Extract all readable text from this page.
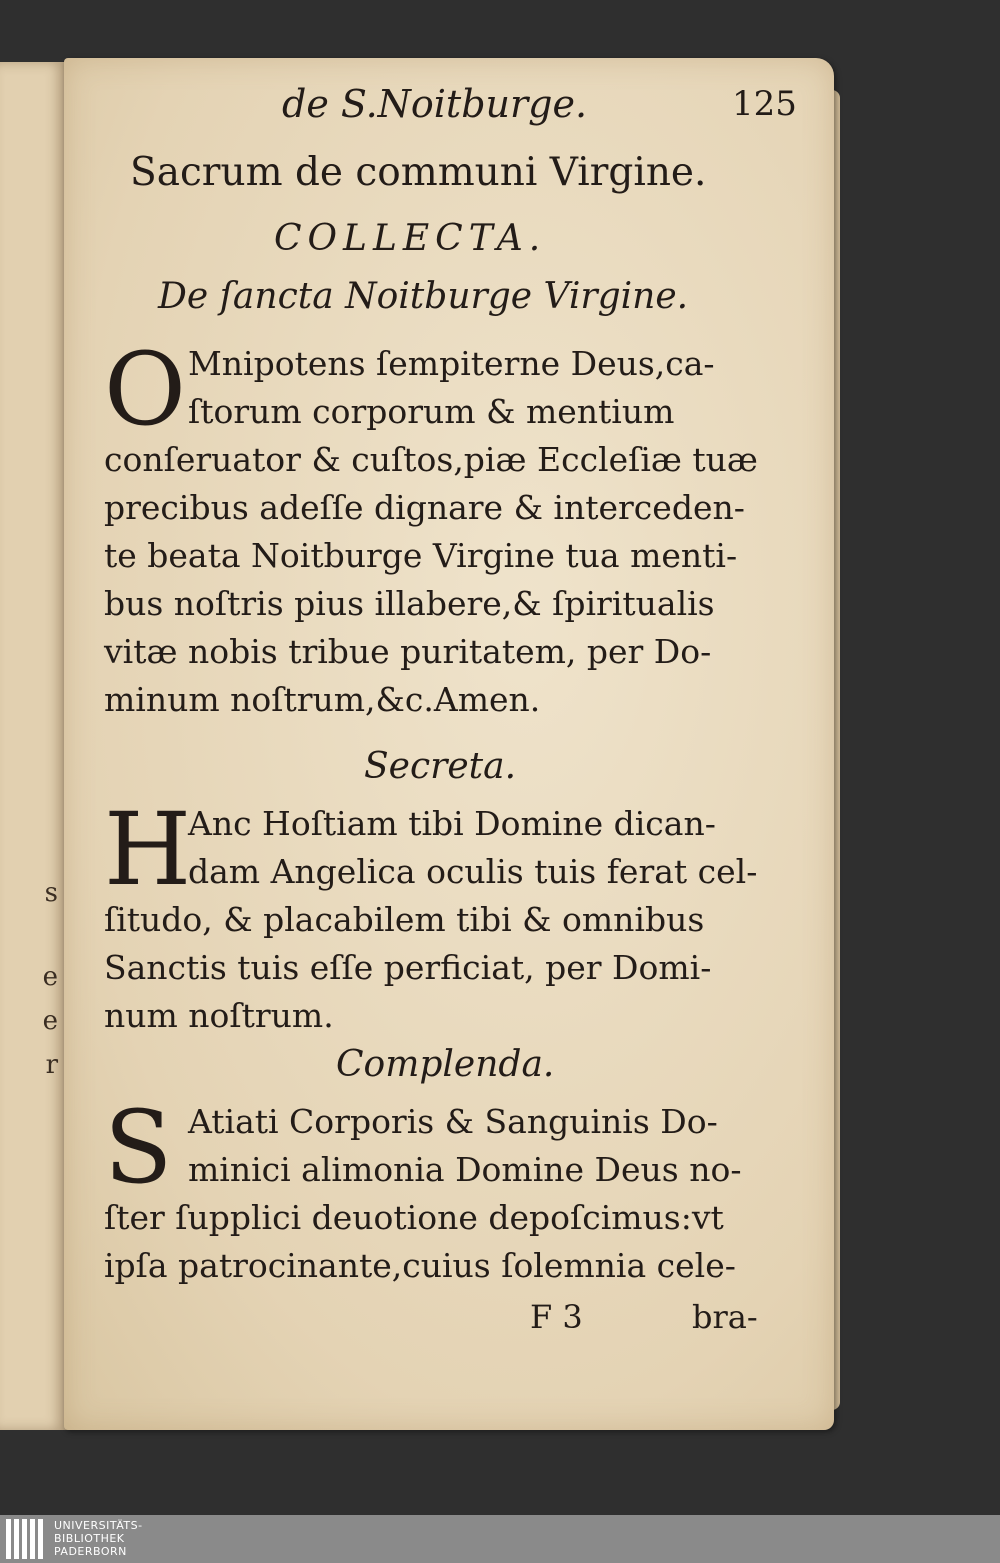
s
e
e
r
de S.Noitburge.	125
Sacrum de communi Virgine.
COLLECTA.
De ſancta Noitburge Virgine.
O Mnipotens ſempiterne Deus,ca-
ſtorum corporum & mentium
conſeruator & cuſtos,piæ Eccleſiæ tuæ
precibus adeſſe dignare & interceden-
te beata Noitburge Virgine tua menti-
bus noſtris pius illabere,& ſpiritualis
vitæ nobis tribue puritatem, per Do-
minum noſtrum,&c.Amen.
Secreta.
H
Anc Hoſtiam tibi Domine dican-
dam Angelica oculis tuis ferat cel-
ſitudo, & placabilem tibi & omnibus
Sanctis tuis eſſe perficiat, per Domi-
num noſtrum.
Complenda.
S Atiati Corporis & Sanguinis Do-
minici alimonia Domine Deus no-
ſter ſupplici deuotione depoſcimus:vt
ipſa patrocinante,cuius ſolemnia cele-
F 3	bra-
UNIVERSITÄTS-
BIBLIOTHEK
PADERBORN
